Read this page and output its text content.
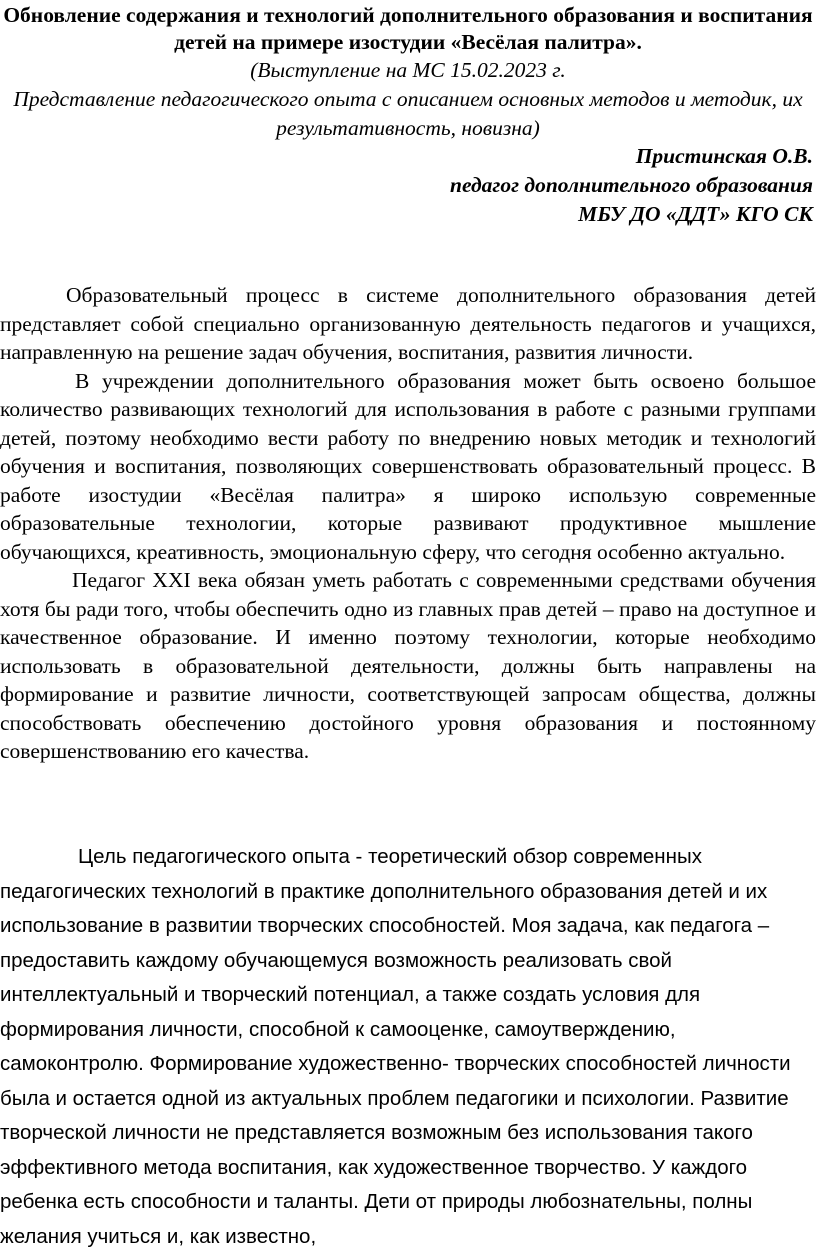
Обновление содержания и технологий дополнительного образования и воспитания детей на примере изостудии «Весёлая палитра».
(Выступление на МС 15.02.2023 г.
Представление педагогического опыта с описанием основных методов и методик, их результативность, новизна)
Пристинская О.В.
педагог дополнительного образования
МБУ ДО «ДДТ» КГО СК

Образовательный процесс в системе дополнительного образования детей представляет собой специально организованную деятельность педагогов и учащихся, направленную на решение задач обучения, воспитания, развития личности.

В учреждении дополнительного образования может быть освоено большое количество развивающих технологий для использования в работе с разными группами детей, поэтому необходимо вести работу по внедрению новых методик и технологий обучения и воспитания, позволяющих совершенствовать образовательный процесс. В работе изостудии «Весёлая палитра» я широко использую современные образовательные технологии, которые развивают продуктивное мышление обучающихся, креативность, эмоциональную сферу, что сегодня особенно актуально.

Педагог XXI века обязан уметь работать с современными средствами обучения хотя бы ради того, чтобы обеспечить одно из главных прав детей – право на доступное и качественное образование. И именно поэтому технологии, которые необходимо использовать в образовательной деятельности, должны быть направлены на формирование и развитие личности, соответствующей запросам общества, должны способствовать обеспечению достойного уровня образования и постоянному совершенствованию его качества.

Цель педагогического опыта - теоретический обзор современных педагогических технологий в практике дополнительного образования детей и их использование в развитии творческих способностей. Моя задача, как педагога – предоставить каждому обучающемуся возможность реализовать свой интеллектуальный и творческий потенциал, а также создать условия для формирования личности, способной к самооценке, самоутверждению, самоконтролю. Формирование художественно- творческих способностей личности была и остается одной из актуальных проблем педагогики и психологии. Развитие творческой личности не представляется возможным без использования такого эффективного метода воспитания, как художественное творчество. У каждого ребенка есть способности и таланты. Дети от природы любознательны, полны желания учиться и, как известно,
